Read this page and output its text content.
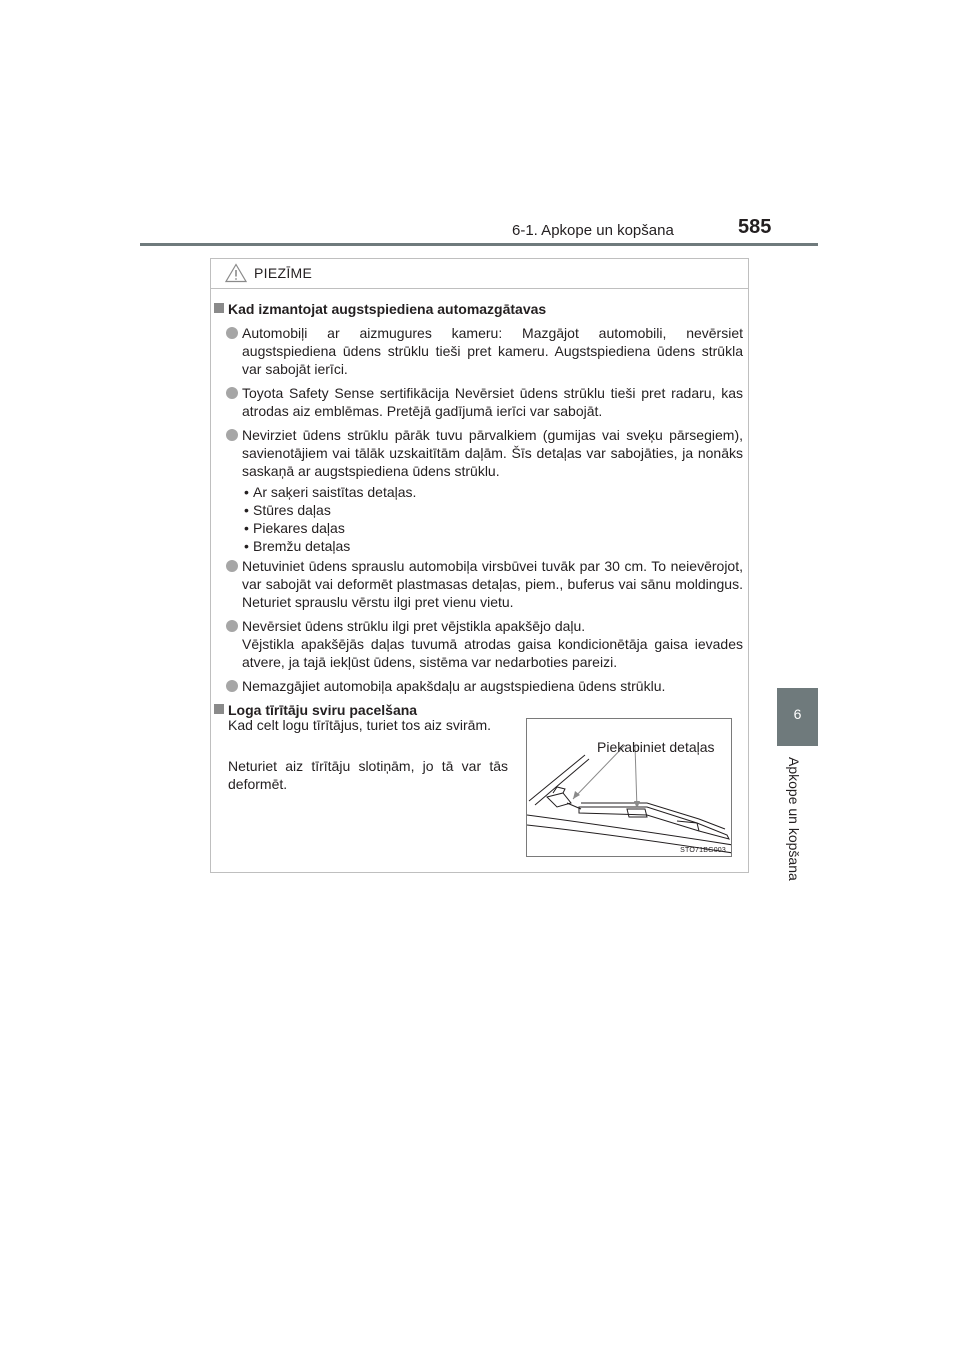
6-1. Apkope un kopšana	585
6
Apkope un kopšana
PIEZĪME
Kad izmantojat augstspiediena automazgātavas
Automobiļi ar aizmugures kameru: Mazgājot automobili, nevērsiet augstspiediena ūdens strūklu tieši pret kameru. Augstspiediena ūdens strūkla var sabojāt ierīci.
Toyota Safety Sense sertifikācija Nevērsiet ūdens strūklu tieši pret radaru, kas atrodas aiz emblēmas. Pretējā gadījumā ierīci var sabojāt.
Nevirziet ūdens strūklu pārāk tuvu pārvalkiem (gumijas vai sveķu pārsegiem), savienotājiem vai tālāk uzskaitītām daļām. Šīs detaļas var sabojāties, ja nonāks saskaņā ar augstspiediena ūdens strūklu.
• Ar saķeri saistītas detaļas.
• Stūres daļas
• Piekares daļas
• Bremžu detaļas
Netuviniet ūdens sprauslu automobiļa virsbūvei tuvāk par 30 cm. To neievērojot, var sabojāt vai deformēt plastmasas detaļas, piem., buferus vai sānu moldingus. Neturiet sprauslu vērstu ilgi pret vienu vietu.
Nevērsiet ūdens strūklu ilgi pret vējstikla apakšējo daļu.
Vējstikla apakšējās daļas tuvumā atrodas gaisa kondicionētāja gaisa ievades atvere, ja tajā iekļūst ūdens, sistēma var nedarboties pareizi.
Nemazgājiet automobiļa apakšdaļu ar augstspiediena ūdens strūklu.
Loga tīrītāju sviru pacelšana
Kad celt logu tīrītājus, turiet tos aiz svirām.
Neturiet aiz tīrītāju slotiņām, jo tā var tās deformēt.
Piekabiniet detaļas
STO71BG003
